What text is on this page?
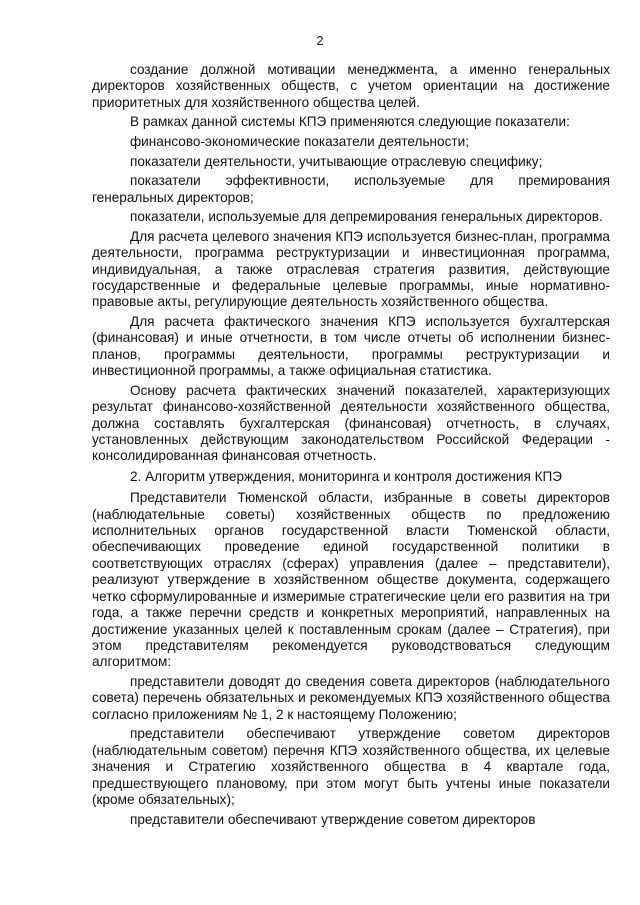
2

создание должной мотивации менеджмента, а именно генеральных директоров хозяйственных обществ, с учетом ориентации на достижение приоритетных для хозяйственного общества целей.

В рамках данной системы КПЭ применяются следующие показатели:

финансово-экономические показатели деятельности;

показатели деятельности, учитывающие отраслевую специфику;

показатели эффективности, используемые для премирования генеральных директоров;

показатели, используемые для депремирования генеральных директоров.

Для расчета целевого значения КПЭ используется бизнес-план, программа деятельности, программа реструктуризации и инвестиционная программа, индивидуальная, а также отраслевая стратегия развития, действующие государственные и федеральные целевые программы, иные нормативно-правовые акты, регулирующие деятельность хозяйственного общества.

Для расчета фактического значения КПЭ используется бухгалтерская (финансовая) и иные отчетности, в том числе отчеты об исполнении бизнес-планов, программы деятельности, программы реструктуризации и инвестиционной программы, а также официальная статистика.

Основу расчета фактических значений показателей, характеризующих результат финансово-хозяйственной деятельности хозяйственного общества, должна составлять бухгалтерская (финансовая) отчетность, в случаях, установленных действующим законодательством Российской Федерации - консолидированная финансовая отчетность.

2. Алгоритм утверждения, мониторинга и контроля достижения КПЭ

Представители Тюменской области, избранные в советы директоров (наблюдательные советы) хозяйственных обществ по предложению исполнительных органов государственной власти Тюменской области, обеспечивающих проведение единой государственной политики в соответствующих отраслях (сферах) управления (далее – представители), реализуют утверждение в хозяйственном обществе документа, содержащего четко сформулированные и измеримые стратегические цели его развития на три года, а также перечни средств и конкретных мероприятий, направленных на достижение указанных целей к поставленным срокам (далее – Стратегия), при этом представителям рекомендуется руководствоваться следующим алгоритмом:

представители доводят до сведения совета директоров (наблюдательного совета) перечень обязательных и рекомендуемых КПЭ хозяйственного общества согласно приложениям № 1, 2 к настоящему Положению;

представители обеспечивают утверждение советом директоров (наблюдательным советом) перечня КПЭ хозяйственного общества, их целевые значения и Стратегию хозяйственного общества в 4 квартале года, предшествующего плановому, при этом могут быть учтены иные показатели (кроме обязательных);

представители обеспечивают утверждение советом директоров
